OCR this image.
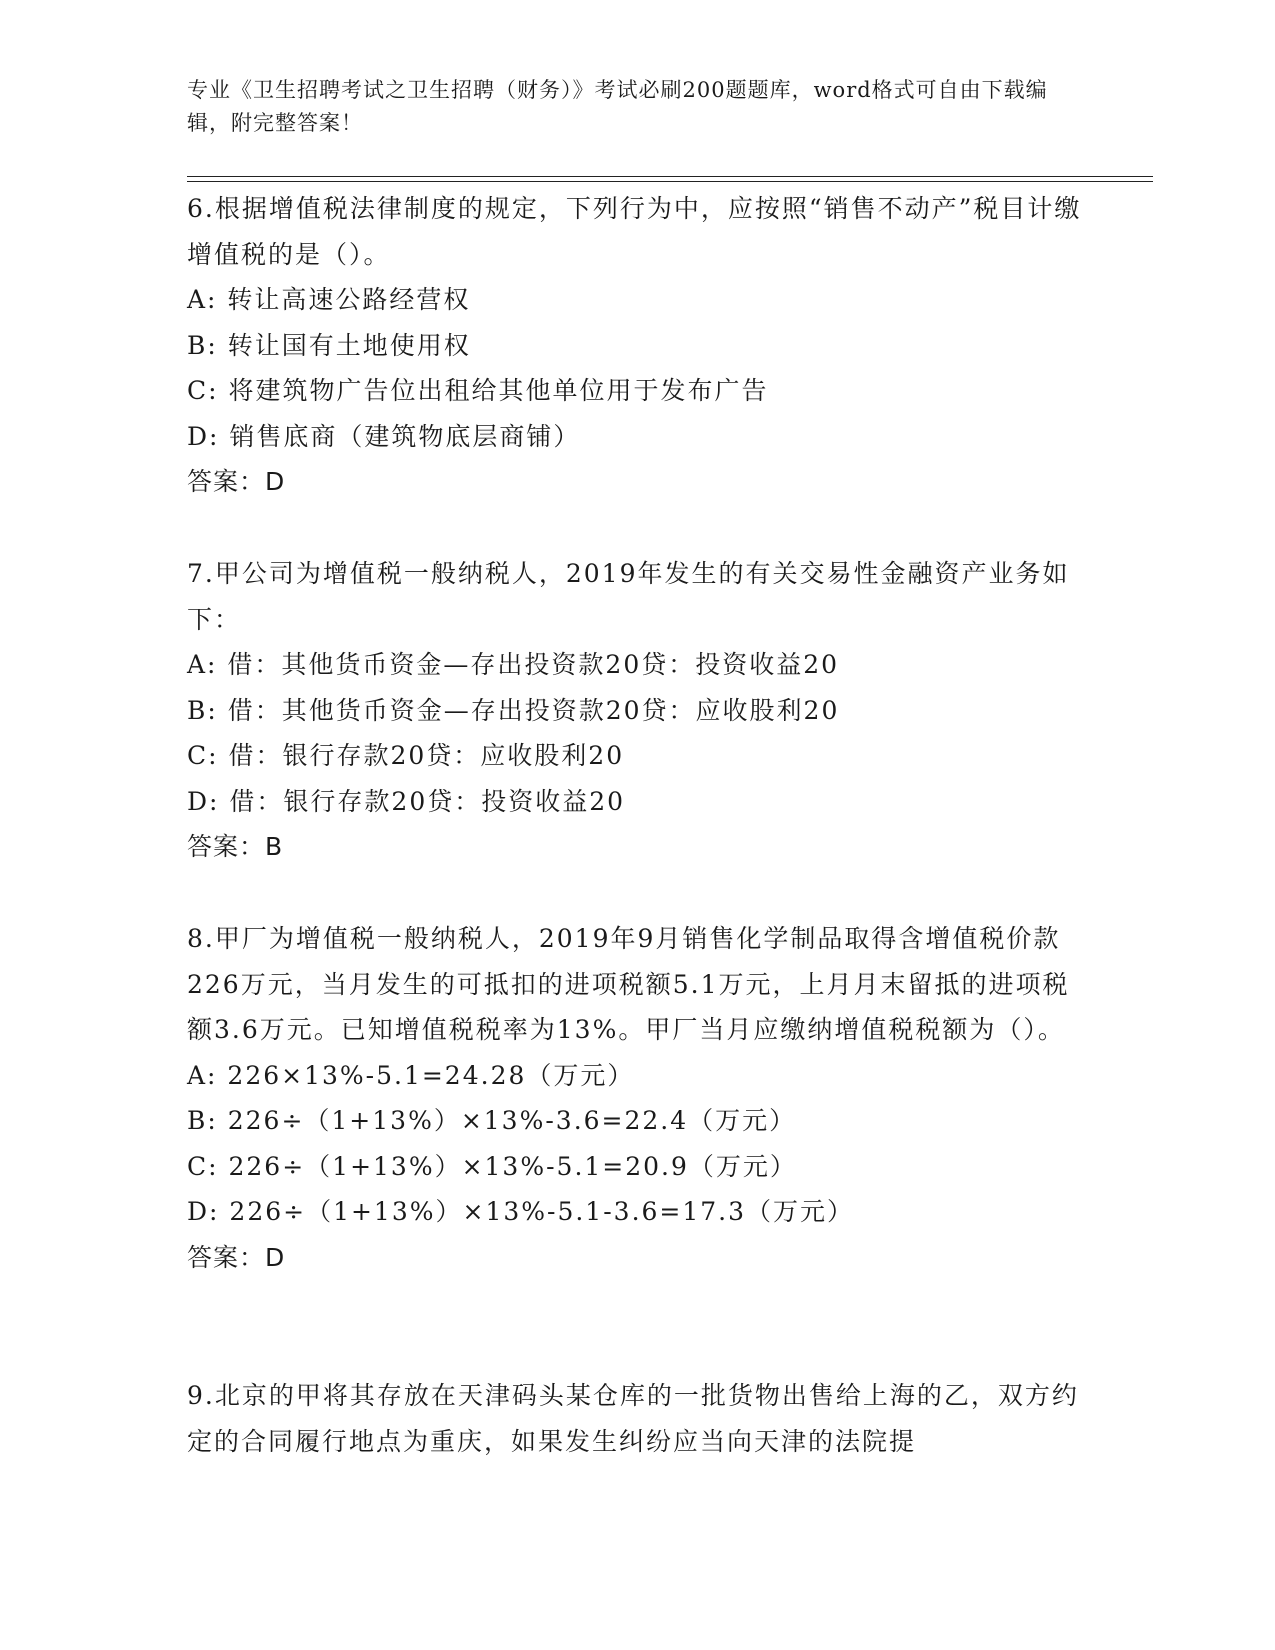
专业《卫生招聘考试之卫生招聘（财务）》考试必刷200题题库，word格式可自由下载编辑，附完整答案！
6.根据增值税法律制度的规定，下列行为中，应按照“销售不动产”税目计缴增值税的是（）。
A: 转让高速公路经营权
B: 转让国有土地使用权
C: 将建筑物广告位出租给其他单位用于发布广告
D: 销售底商（建筑物底层商铺）
答案：D
7.甲公司为增值税一般纳税人，2019年发生的有关交易性金融资产业务如下：
A: 借：其他货币资金—存出投资款20贷：投资收益20
B: 借：其他货币资金—存出投资款20贷：应收股利20
C: 借：银行存款20贷：应收股利20
D: 借：银行存款20贷：投资收益20
答案：B
8.甲厂为增值税一般纳税人，2019年9月销售化学制品取得含增值税价款226万元，当月发生的可抵扣的进项税额5.1万元，上月月末留抵的进项税额3.6万元。已知增值税税率为13%。甲厂当月应缴纳增值税税额为（）。
A: 226×13%-5.1=24.28（万元）
B: 226÷（1+13%）×13%-3.6=22.4（万元）
C: 226÷（1+13%）×13%-5.1=20.9（万元）
D: 226÷（1+13%）×13%-5.1-3.6=17.3（万元）
答案：D
9.北京的甲将其存放在天津码头某仓库的一批货物出售给上海的乙，双方约定的合同履行地点为重庆，如果发生纠纷应当向天津的法院提
